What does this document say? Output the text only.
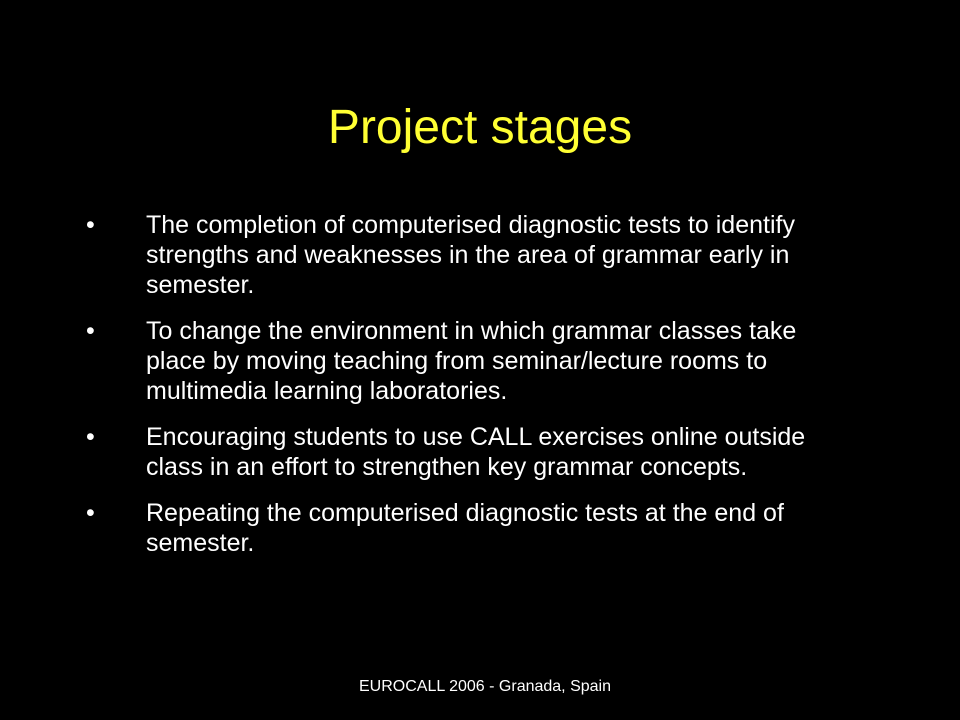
Project stages
• The completion of computerised diagnostic tests to identify strengths and weaknesses in the area of grammar early in semester.
• To change the environment in which grammar classes take place by moving teaching from seminar/lecture rooms to multimedia learning laboratories.
• Encouraging students to use CALL exercises online outside class in an effort to strengthen key grammar concepts.
• Repeating the computerised diagnostic tests at the end of semester.
EUROCALL 2006 - Granada, Spain
